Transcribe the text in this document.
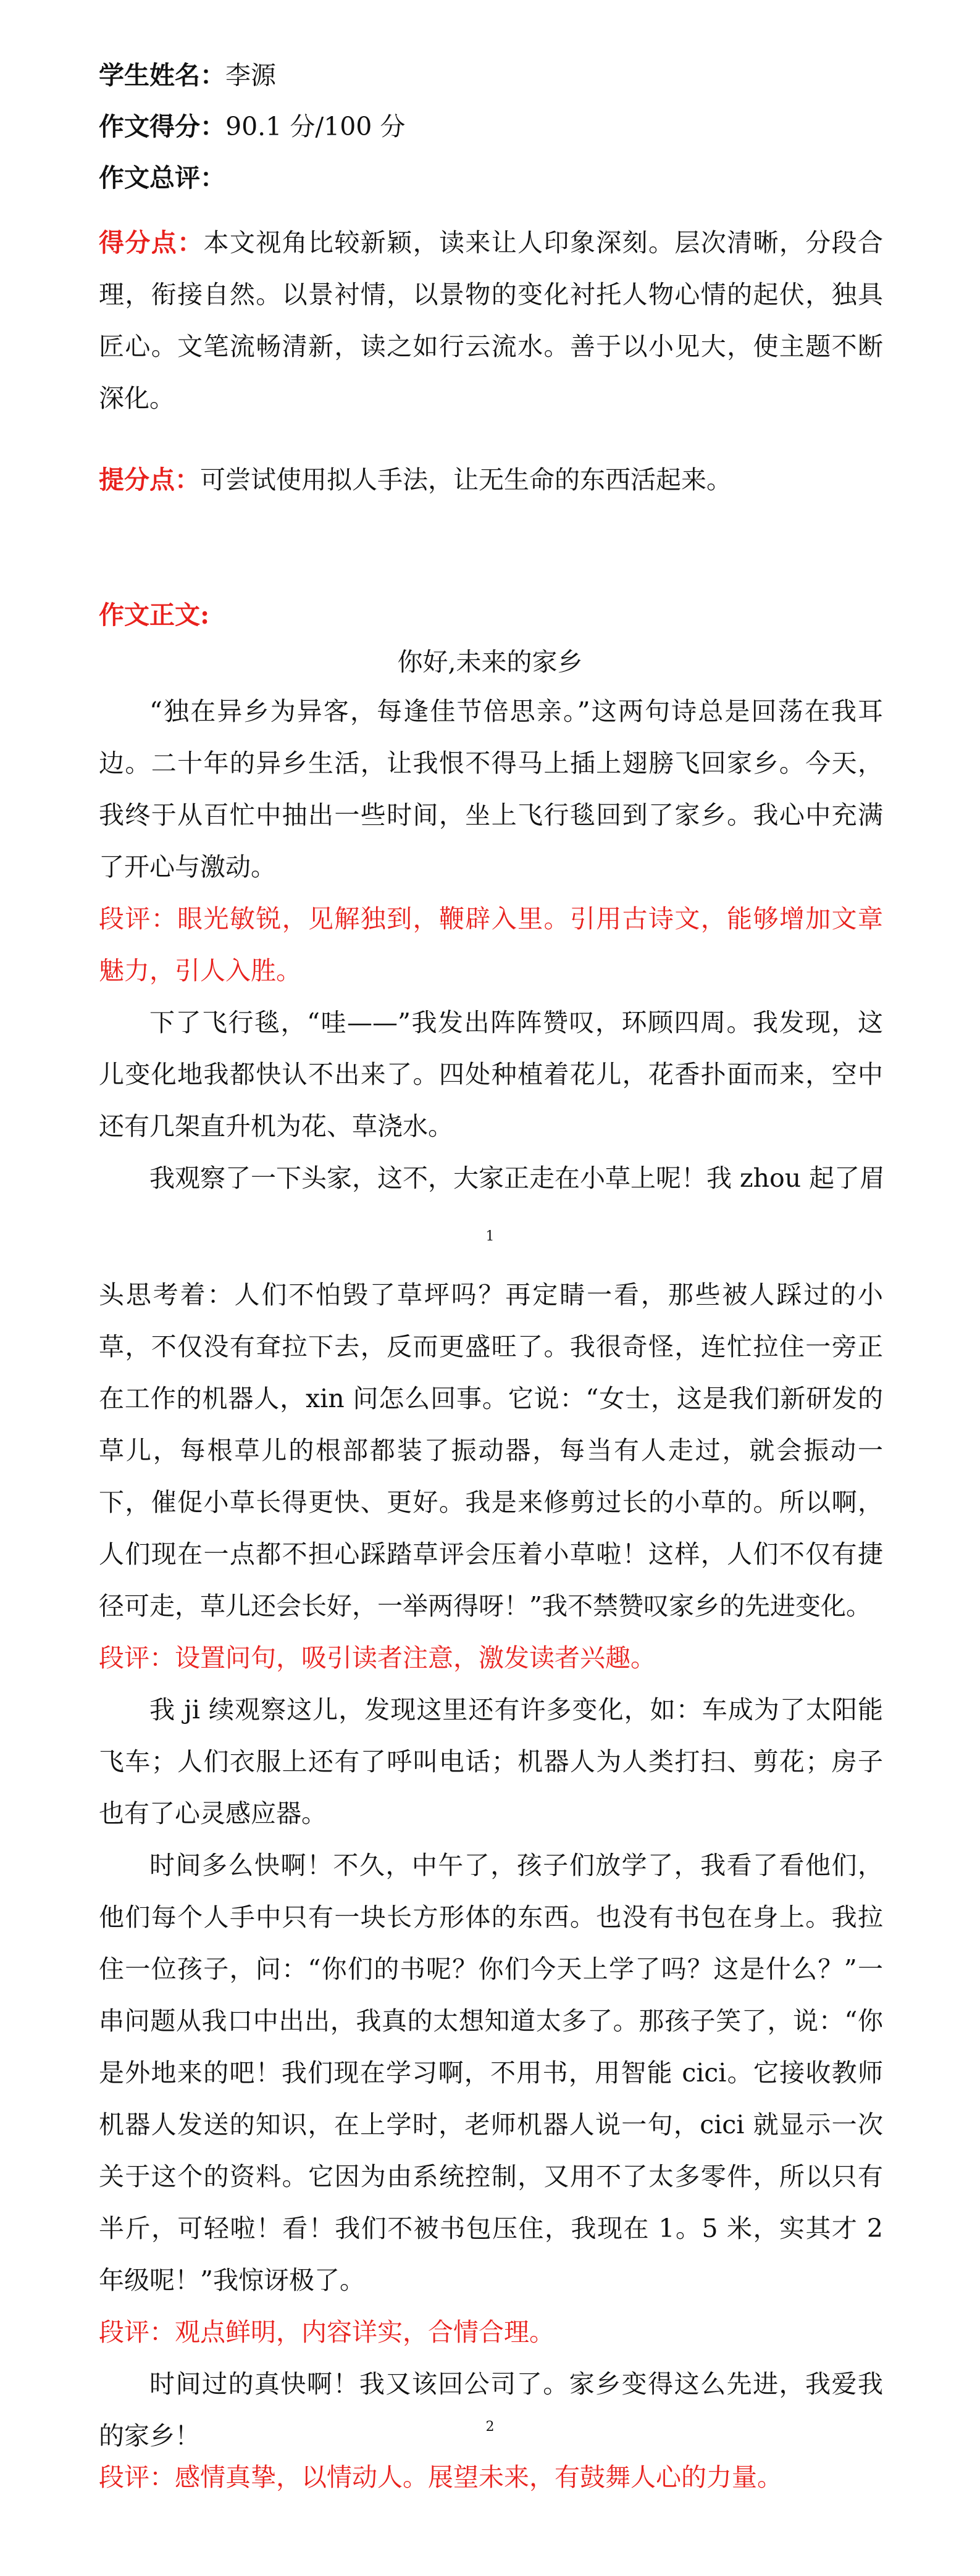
学生姓名：李源
作文得分：90.1 分/100 分
作文总评：

得分点：本文视角比较新颖，读来让人印象深刻。层次清晰，分段合理，衔接自然。以景衬情，以景物的变化衬托人物心情的起伏，独具匠心。文笔流畅清新，读之如行云流水。善于以小见大，使主题不断深化。

提分点：可尝试使用拟人手法，让无生命的东西活起来。

作文正文:
你好,未来的家乡

“独在异乡为异客，每逢佳节倍思亲。”这两句诗总是回荡在我耳边。二十年的异乡生活，让我恨不得马上插上翅膀飞回家乡。今天，我终于从百忙中抽出一些时间，坐上飞行毯回到了家乡。我心中充满了开心与激动。

段评：眼光敏锐，见解独到，鞭辟入里。引用古诗文，能够增加文章魅力，引人入胜。

下了飞行毯，“哇——”我发出阵阵赞叹，环顾四周。我发现，这儿变化地我都快认不出来了。四处种植着花儿，花香扑面而来，空中还有几架直升机为花、草浇水。

我观察了一下头家，这不，大家正走在小草上呢！我 zhou 起了眉

1

头思考着：人们不怕毁了草坪吗？再定睛一看，那些被人踩过的小草，不仅没有耷拉下去，反而更盛旺了。我很奇怪，连忙拉住一旁正在工作的机器人，xin 问怎么回事。它说：“女士，这是我们新研发的草儿，每根草儿的根部都装了振动器，每当有人走过，就会振动一下，催促小草长得更快、更好。我是来修剪过长的小草的。所以啊，人们现在一点都不担心踩踏草评会压着小草啦！这样，人们不仅有捷径可走，草儿还会长好，一举两得呀！”我不禁赞叹家乡的先进变化。

段评：设置问句，吸引读者注意，激发读者兴趣。

我 ji 续观察这儿，发现这里还有许多变化，如：车成为了太阳能飞车；人们衣服上还有了呼叫电话；机器人为人类打扫、剪花；房子也有了心灵感应器。

时间多么快啊！不久，中午了，孩子们放学了，我看了看他们，他们每个人手中只有一块长方形体的东西。也没有书包在身上。我拉住一位孩子，问：“你们的书呢？你们今天上学了吗？这是什么？”一串问题从我口中出出，我真的太想知道太多了。那孩子笑了，说：“你是外地来的吧！我们现在学习啊，不用书，用智能 cici。它接收教师机器人发送的知识，在上学时，老师机器人说一句，cici 就显示一次关于这个的资料。它因为由系统控制，又用不了太多零件，所以只有半斤，可轻啦！看！我们不被书包压住，我现在 1。5 米，实其才 2 年级呢！”我惊讶极了。

段评：观点鲜明，内容详实，合情合理。

时间过的真快啊！我又该回公司了。家乡变得这么先进，我爱我的家乡！	2

段评：感情真挚，以情动人。展望未来，有鼓舞人心的力量。
